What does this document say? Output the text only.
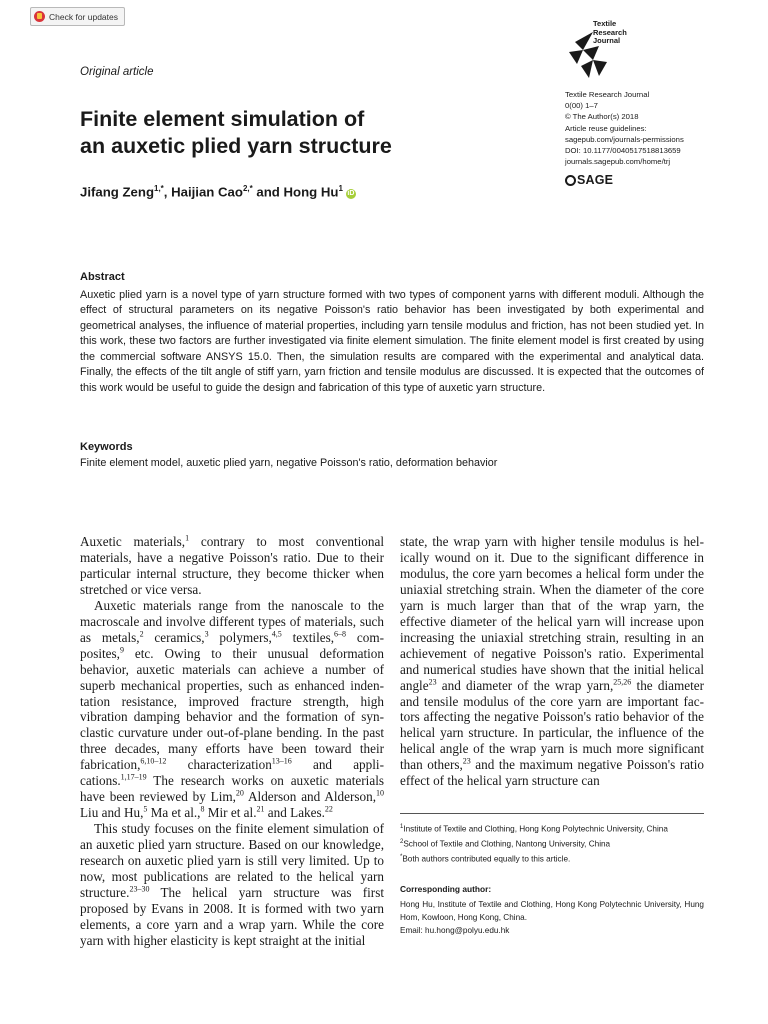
Check for updates
Textile
Research
Journal
Textile Research Journal
0(00) 1–7
© The Author(s) 2018
Article reuse guidelines:
sagepub.com/journals-permissions
DOI: 10.1177/0040517518813659
journals.sagepub.com/home/trj
SAGE
Original article
Finite element simulation of
an auxetic plied yarn structure
Jifang Zeng$^{1,*}$, Haijian Cao$^{2,*}$ and Hong Hu$^1$iD
Abstract
Auxetic plied yarn is a novel type of yarn structure formed with two types of component yarns with different moduli. Although the effect of structural parameters on its negative Poisson's ratio behavior has been investigated by both experimental and geometrical analyses, the influence of material properties, including yarn tensile modulus and friction, has not been studied yet. In this work, these two factors are further investigated via finite element simulation. The finite element model is first created by using the commercial software ANSYS 15.0. Then, the simulation results are compared with the experimental and analytical data. Finally, the effects of the tilt angle of stiff yarn, yarn friction and tensile modulus are discussed. It is expected that the outcomes of this work would be useful to guide the design and fabrication of this type of auxetic yarn structure.
Keywords
Finite element model, auxetic plied yarn, negative Poisson's ratio, deformation behavior

Auxetic materials,$^1$ contrary to most conventional materials, have a negative Poisson's ratio. Due to their particular internal structure, they become thicker when stretched or vice versa.

Auxetic materials range from the nanoscale to the macroscale and involve different types of materials, such as metals,$^2$ ceramics,$^3$ polymers,$^{4,5}$ textiles,$^{6-8}$ composites,$^9$ etc. Owing to their unusual deformation behavior, auxetic materials can achieve a number of superb mechanical properties, such as enhanced indentation resistance, improved fracture strength, high vibration damping behavior and the formation of synclastic curvature under out-of-plane bending. In the past three decades, many efforts have been toward their fabrication,$^{6,10-12}$ characterization$^{13-16}$ and applications.$^{1,17-19}$ The research works on auxetic materials have been reviewed by Lim,$^{20}$ Alderson and Alderson,$^{10}$ Liu and Hu,$^5$ Ma et al.,$^8$ Mir et al.$^{21}$ and Lakes.$^{22}$

This study focuses on the finite element simulation of an auxetic plied yarn structure. Based on our knowledge, research on auxetic plied yarn is still very limited. Up to now, most publications are related to the helical yarn structure.$^{23-30}$ The helical yarn structure was first proposed by Evans in 2008. It is formed with two yarn elements, a core yarn and a wrap yarn. While the core yarn with higher elasticity is kept straight at the initial

state, the wrap yarn with higher tensile modulus is helically wound on it. Due to the significant difference in modulus, the core yarn becomes a helical form under the uniaxial stretching strain. When the diameter of the core yarn is much larger than that of the wrap yarn, the effective diameter of the helical yarn will increase upon increasing the uniaxial stretching strain, resulting in an achievement of negative Poisson's ratio. Experimental and numerical studies have shown that the initial helical angle$^{23}$ and diameter of the wrap yarn,$^{25,26}$ the diameter and tensile modulus of the core yarn are important factors affecting the negative Poisson's ratio behavior of the helical yarn structure. In particular, the influence of the helical angle of the wrap yarn is much more significant than others,$^{23}$ and the maximum negative Poisson's ratio effect of the helical yarn structure can

$^1$Institute of Textile and Clothing, Hong Kong Polytechnic University, China
$^2$School of Textile and Clothing, Nantong University, China
*Both authors contributed equally to this article.
Corresponding author:
Hong Hu, Institute of Textile and Clothing, Hong Kong Polytechnic University, Hung Hom, Kowloon, Hong Kong, China.
Email: hu.hong@polyu.edu.hk
